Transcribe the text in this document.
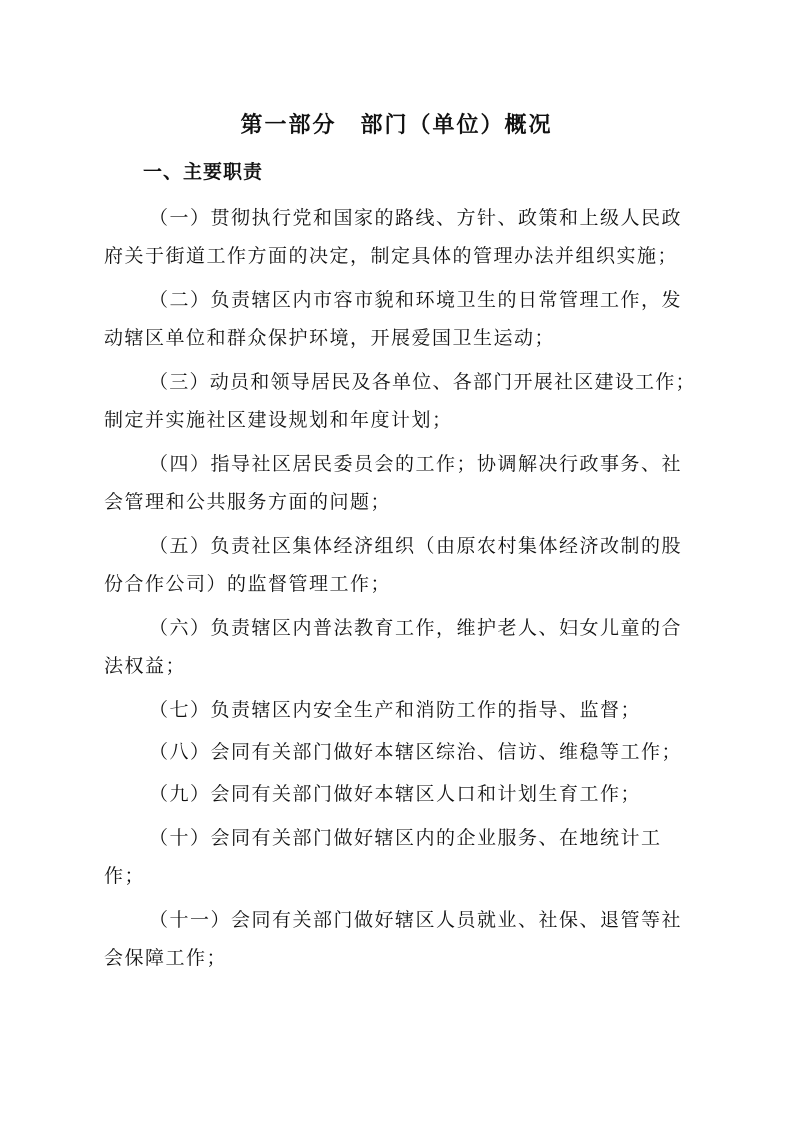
第一部分　部门（单位）概况
一、主要职责
（一）贯彻执行党和国家的路线、方针、政策和上级人民政
府关于街道工作方面的决定，制定具体的管理办法并组织实施；
（二）负责辖区内市容市貌和环境卫生的日常管理工作，发
动辖区单位和群众保护环境，开展爱国卫生运动；
（三）动员和领导居民及各单位、各部门开展社区建设工作；
制定并实施社区建设规划和年度计划；
（四）指导社区居民委员会的工作；协调解决行政事务、社
会管理和公共服务方面的问题；
（五）负责社区集体经济组织（由原农村集体经济改制的股
份合作公司）的监督管理工作；
（六）负责辖区内普法教育工作，维护老人、妇女儿童的合
法权益；
（七）负责辖区内安全生产和消防工作的指导、监督；
（八）会同有关部门做好本辖区综治、信访、维稳等工作；
（九）会同有关部门做好本辖区人口和计划生育工作；
（十）会同有关部门做好辖区内的企业服务、在地统计工
作；
（十一）会同有关部门做好辖区人员就业、社保、退管等社
会保障工作；
